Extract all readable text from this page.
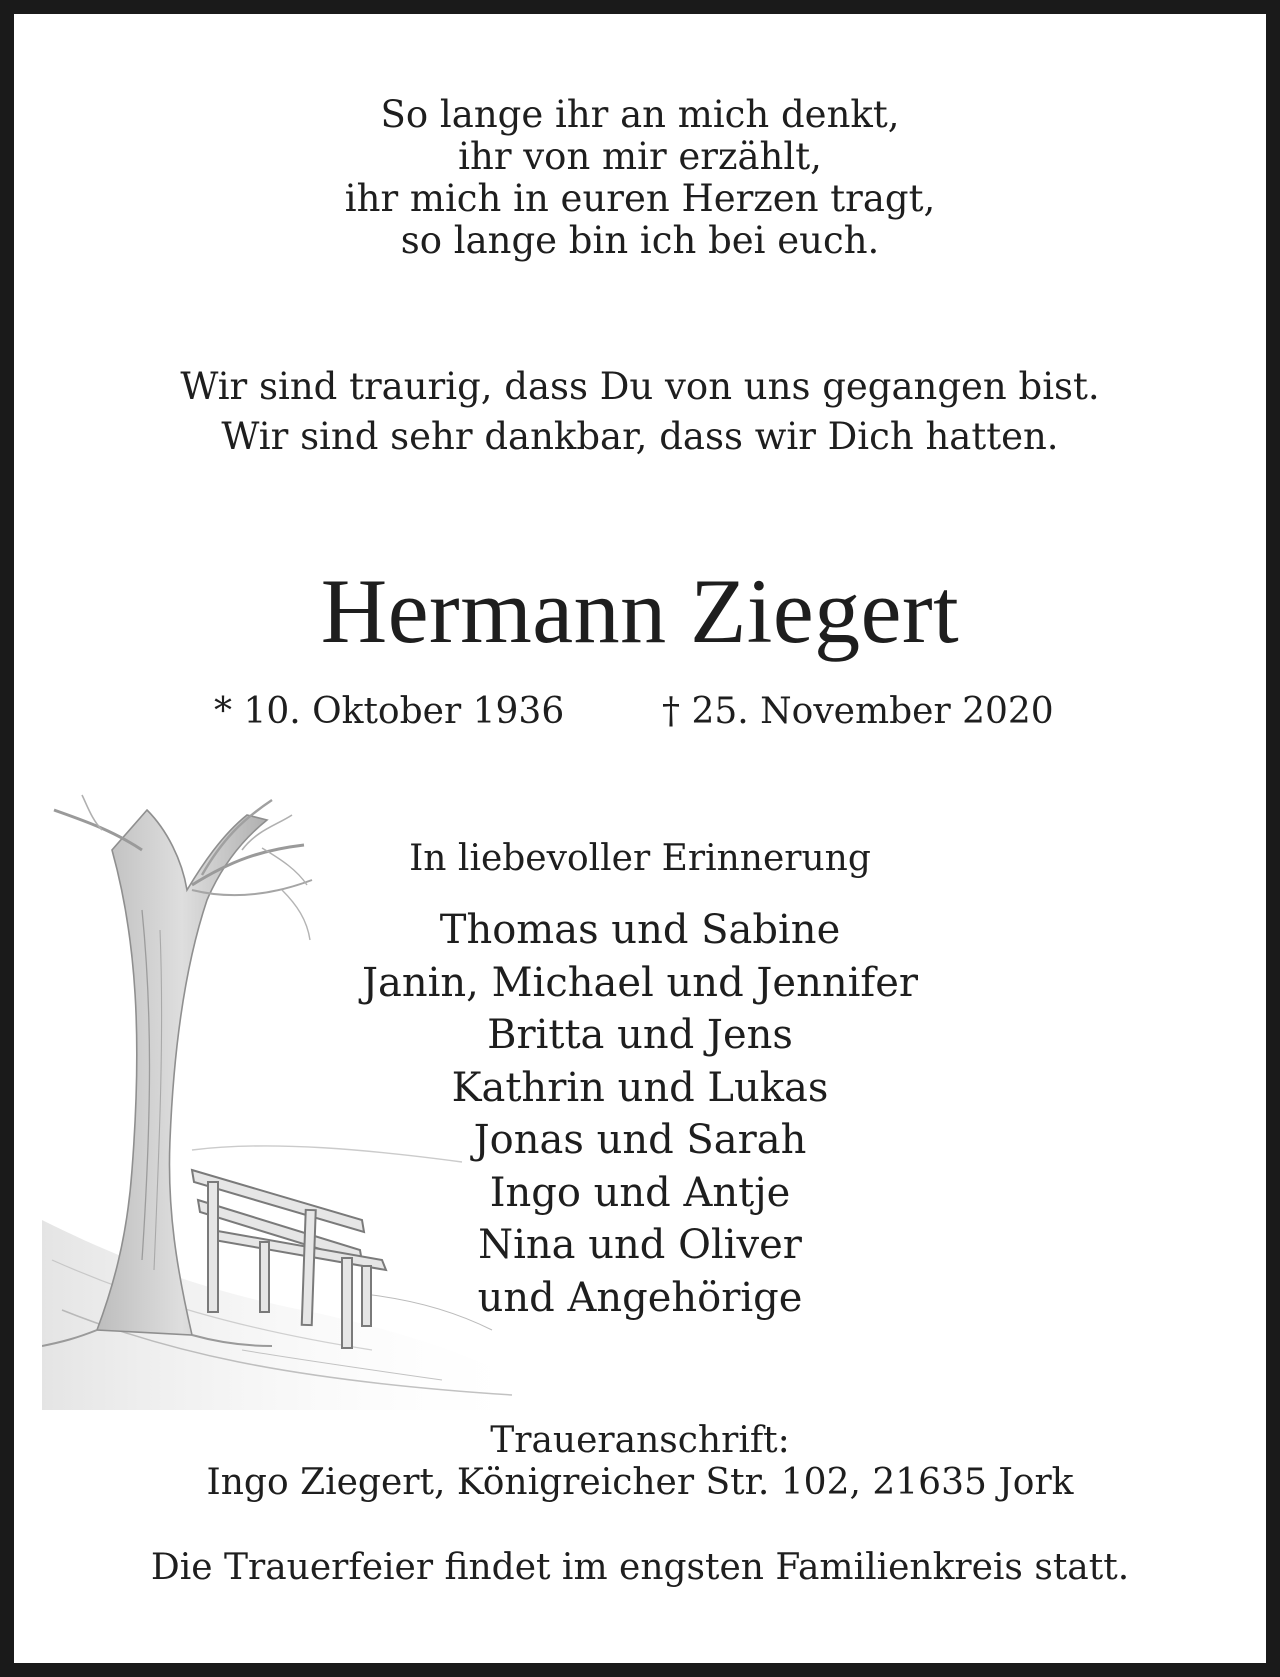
So lange ihr an mich denkt,
ihr von mir erzählt,
ihr mich in euren Herzen tragt,
so lange bin ich bei euch.
Wir sind traurig, dass Du von uns gegangen bist.
Wir sind sehr dankbar, dass wir Dich hatten.
Hermann Ziegert
* 10. Oktober 1936	† 25. November 2020
In liebevoller Erinnerung
Thomas und Sabine
Janin, Michael und Jennifer
Britta und Jens
Kathrin und Lukas
Jonas und Sarah
Ingo und Antje
Nina und Oliver
und Angehörige
Traueranschrift:
Ingo Ziegert, Königreicher Str. 102, 21635 Jork
Die Trauerfeier findet im engsten Familienkreis statt.
